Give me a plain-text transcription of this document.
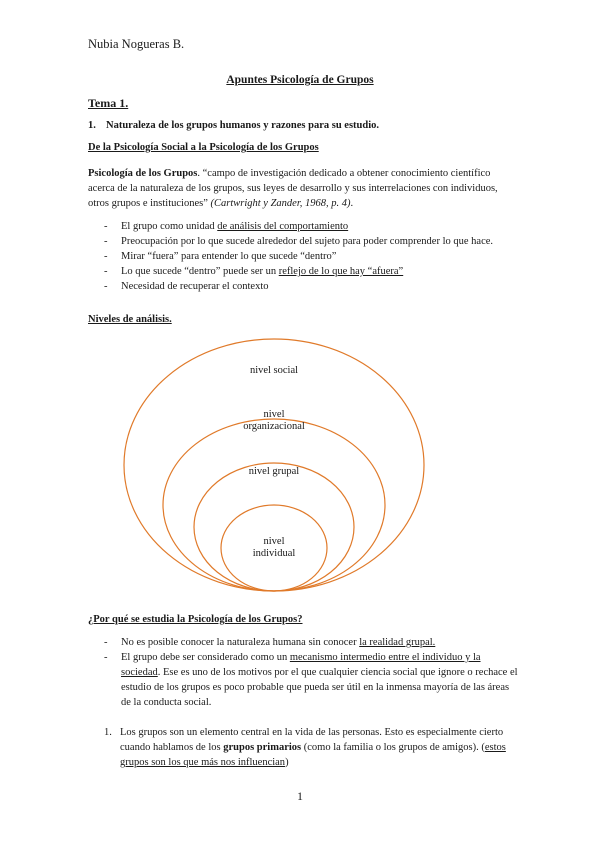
Nubia Nogueras B.
Apuntes Psicología de Grupos
Tema 1.
1. Naturaleza de los grupos humanos y razones para su estudio.
De la Psicología Social a la Psicología de los Grupos
Psicología de los Grupos. “campo de investigación dedicado a obtener conocimiento científico acerca de la naturaleza de los grupos, sus leyes de desarrollo y sus interrelaciones con individuos, otros grupos e instituciones” (Cartwright y Zander, 1968, p. 4).
- El grupo como unidad de análisis del comportamiento
- Preocupación por lo que sucede alrededor del sujeto para poder comprender lo que hace.
- Mirar “fuera” para entender lo que sucede “dentro”
- Lo que sucede “dentro” puede ser un reflejo de lo que hay “afuera”
- Necesidad de recuperar el contexto
Niveles de análisis.
nivel social
nivel
organizacional
nivel grupal
nivel
individual
¿Por qué se estudia la Psicología de los Grupos?
- No es posible conocer la naturaleza humana sin conocer la realidad grupal.
- El grupo debe ser considerado como un mecanismo intermedio entre el individuo y la sociedad. Ese es uno de los motivos por el que cualquier ciencia social que ignore o rechace el estudio de los grupos es poco probable que pueda ser útil en la inmensa mayoría de las áreas de la conducta social.
1. Los grupos son un elemento central en la vida de las personas. Esto es especialmente cierto cuando hablamos de los grupos primarios (como la familia o los grupos de amigos). (estos grupos son los que más nos influencian)
1
